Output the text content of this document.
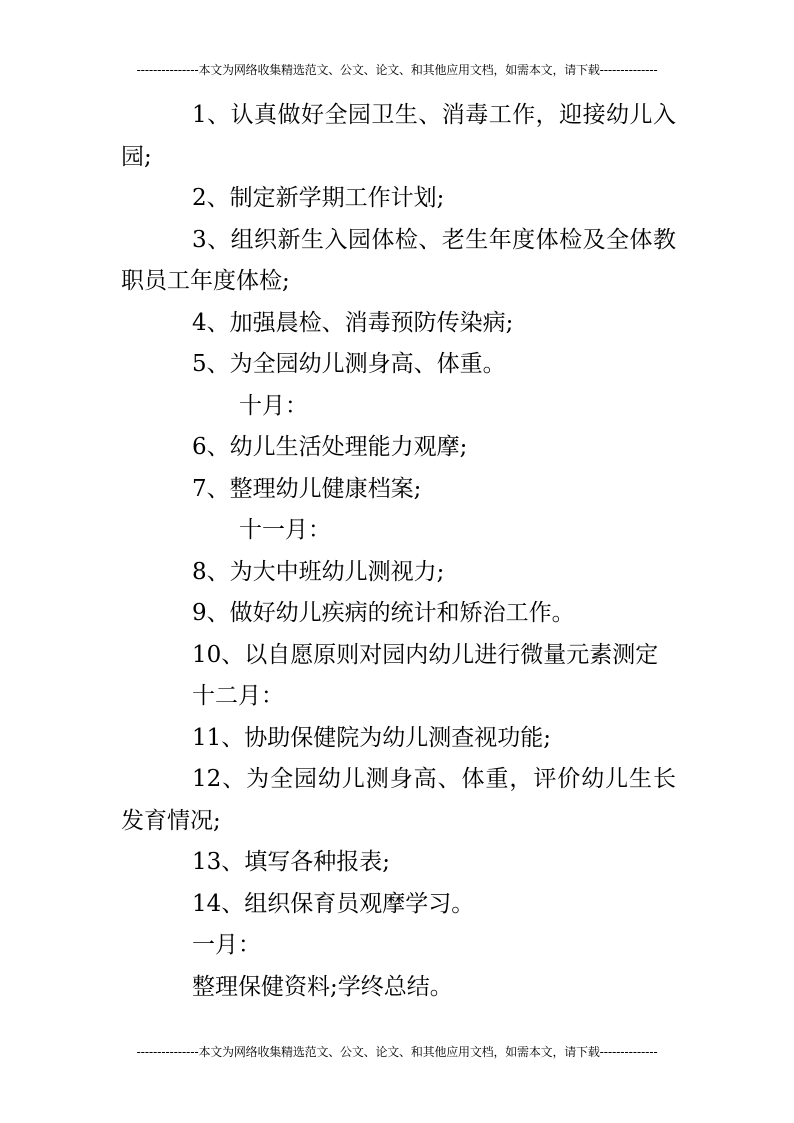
---------------本文为网络收集精选范文、公文、论文、和其他应用文档，如需本文，请下载--------------

1、认真做好全园卫生、消毒工作，迎接幼儿入园;

2、制定新学期工作计划;

3、组织新生入园体检、老生年度体检及全体教职员工年度体检;

4、加强晨检、消毒预防传染病;

5、为全园幼儿测身高、体重。

十月：

6、幼儿生活处理能力观摩;

7、整理幼儿健康档案;

十一月：

8、为大中班幼儿测视力;

9、做好幼儿疾病的统计和矫治工作。

10、以自愿原则对园内幼儿进行微量元素测定

十二月：

11、协助保健院为幼儿测查视功能;

12、为全园幼儿测身高、体重，评价幼儿生长发育情况;

13、填写各种报表;

14、组织保育员观摩学习。

一月：

整理保健资料;学终总结。

---------------本文为网络收集精选范文、公文、论文、和其他应用文档，如需本文，请下载--------------
